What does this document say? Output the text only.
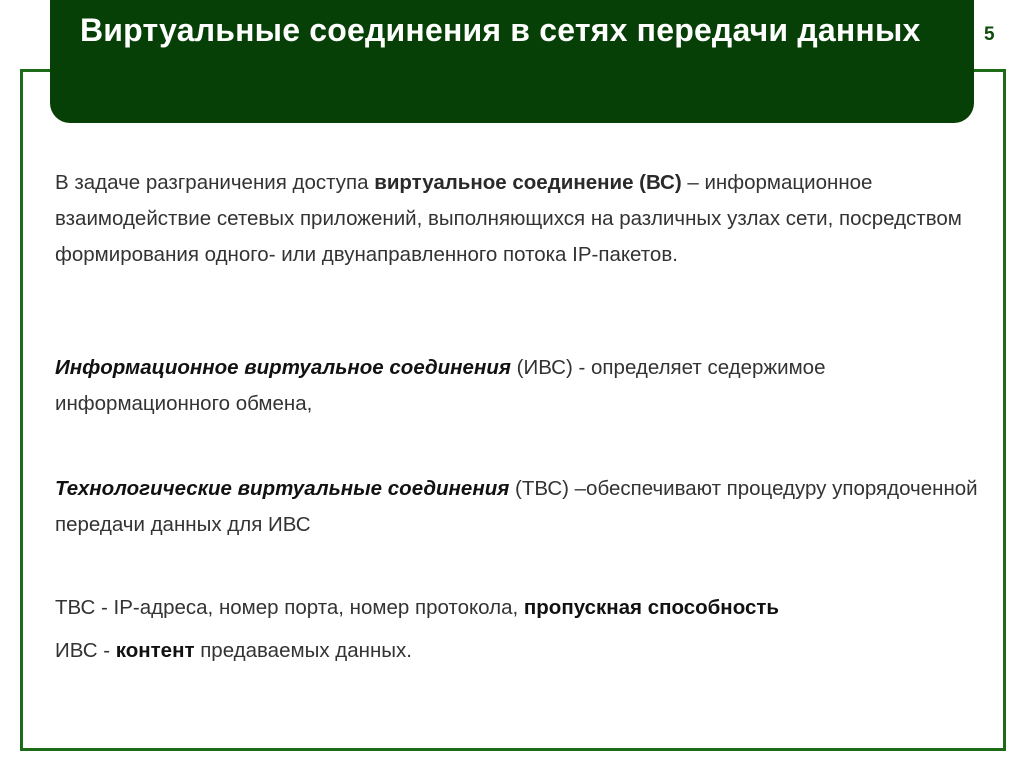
Виртуальные соединения в сетях передачи данных	5

В задаче разграничения доступа виртуальное соединение (ВС) – информационное взаимодействие сетевых приложений, выполняющихся на различных узлах сети, посредством формирования одного- или двунаправленного потока IP-пакетов.

Информационное виртуальное соединения (ИВС) - определяет седержимое информационного обмена,

Технологические виртуальные соединения (ТВС) –обеспечивают процедуру упорядоченной передачи данных для ИВС

ТВС - IP-адреса, номер порта, номер протокола, пропускная способность

ИВС - контент предаваемых данных.
